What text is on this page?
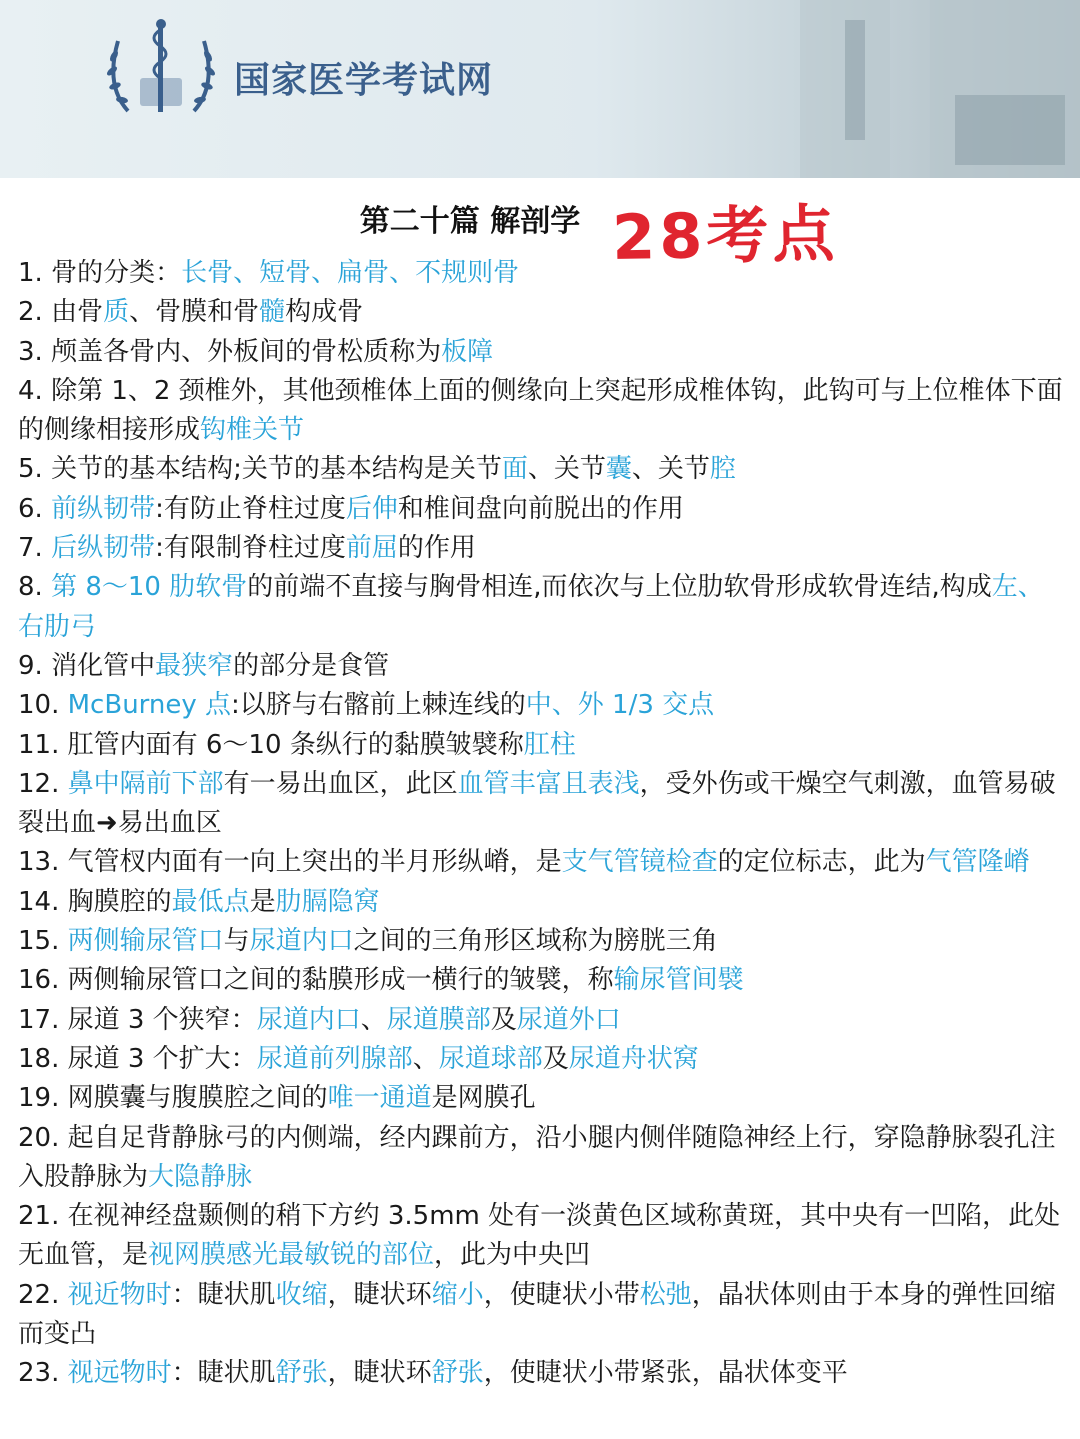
国家医学考试网
第二十篇 解剖学 28考点

1. 骨的分类：长骨、短骨、扁骨、不规则骨

2. 由骨质、骨膜和骨髓构成骨

3. 颅盖各骨内、外板间的骨松质称为板障

4. 除第 1、2 颈椎外，其他颈椎体上面的侧缘向上突起形成椎体钩，此钩可与上位椎体下面的侧缘相接形成钩椎关节

5. 关节的基本结构;关节的基本结构是关节面、关节囊、关节腔

6. 前纵韧带:有防止脊柱过度后伸和椎间盘向前脱出的作用

7. 后纵韧带:有限制脊柱过度前屈的作用

8. 第 8～10 肋软骨的前端不直接与胸骨相连,而依次与上位肋软骨形成软骨连结,构成左、右肋弓

9. 消化管中最狭窄的部分是食管

10. McBurney 点:以脐与右髂前上棘连线的中、外 1/3 交点

11. 肛管内面有 6～10 条纵行的黏膜皱襞称肛柱

12. 鼻中隔前下部有一易出血区，此区血管丰富且表浅，受外伤或干燥空气刺激，血管易破裂出血➜易出血区

13. 气管杈内面有一向上突出的半月形纵嵴，是支气管镜检查的定位标志，此为气管隆嵴

14. 胸膜腔的最低点是肋膈隐窝

15. 两侧输尿管口与尿道内口之间的三角形区域称为膀胱三角

16. 两侧输尿管口之间的黏膜形成一横行的皱襞，称输尿管间襞

17. 尿道 3 个狭窄：尿道内口、尿道膜部及尿道外口

18. 尿道 3 个扩大：尿道前列腺部、尿道球部及尿道舟状窝

19. 网膜囊与腹膜腔之间的唯一通道是网膜孔

20. 起自足背静脉弓的内侧端，经内踝前方，沿小腿内侧伴随隐神经上行，穿隐静脉裂孔注入股静脉为大隐静脉

21. 在视神经盘颞侧的稍下方约 3.5mm 处有一淡黄色区域称黄斑，其中央有一凹陷，此处无血管，是视网膜感光最敏锐的部位，此为中央凹

22. 视近物时：睫状肌收缩，睫状环缩小，使睫状小带松弛，晶状体则由于本身的弹性回缩而变凸

23. 视远物时：睫状肌舒张，睫状环舒张，使睫状小带紧张，晶状体变平
